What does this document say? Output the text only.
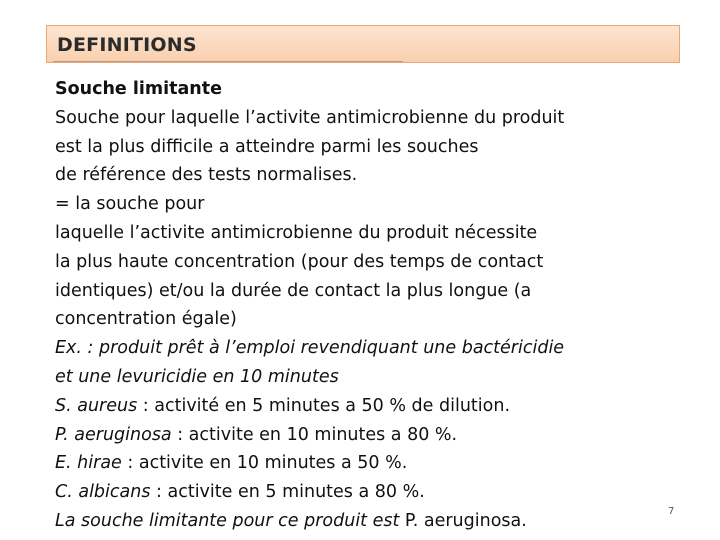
DEFINITIONS
Souche limitante
Souche pour laquelle l’activite antimicrobienne du produit
est la plus difficile a atteindre parmi les souches
de référence des tests normalises.
= la souche pour
laquelle l’activite antimicrobienne du produit nécessite
la plus haute concentration (pour des temps de contact
identiques) et/ou la durée de contact la plus longue (a
concentration égale)
Ex. : produit prêt à l’emploi revendiquant une bactéricidie
et une levuricidie en 10 minutes
S. aureus : activité en 5 minutes a 50 % de dilution.
P. aeruginosa : activite en 10 minutes a 80 %.
E. hirae : activite en 10 minutes a 50 %.
C. albicans : activite en 5 minutes a 80 %.
La souche limitante pour ce produit est P. aeruginosa.	7
